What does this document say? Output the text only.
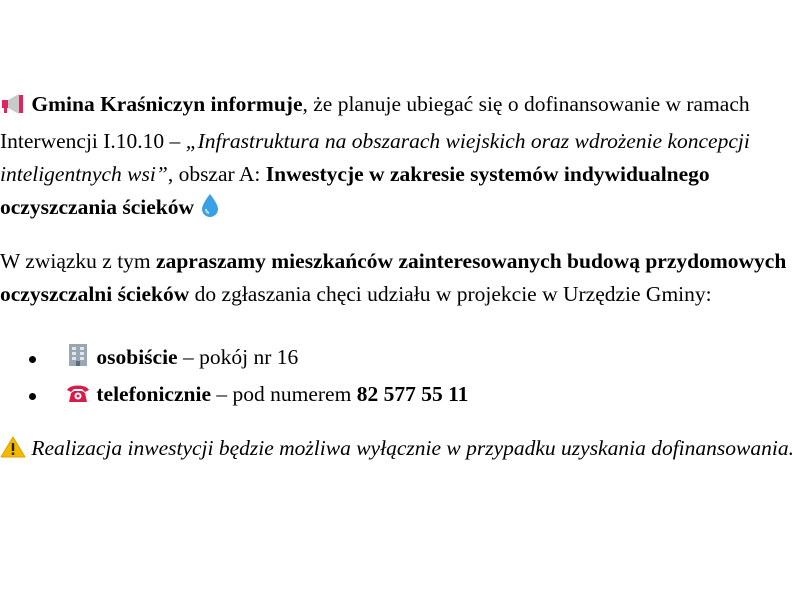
Gmina Kraśniczyn informuje, że planuje ubiegać się o dofinansowanie w ramach Interwencji I.10.10 – „Infrastruktura na obszarach wiejskich oraz wdrożenie koncepcji inteligentnych wsi”, obszar A: Inwestycje w zakresie systemów indywidualnego oczyszczania ścieków

W związku z tym zapraszamy mieszkańców zainteresowanych budową przydomowych oczyszczalni ścieków do zgłaszania chęci udziału w projekcie w Urzędzie Gminy:

osobiście – pokój nr 16
telefonicznie – pod numerem 82 577 55 11

Realizacja inwestycji będzie możliwa wyłącznie w przypadku uzyskania dofinansowania.
